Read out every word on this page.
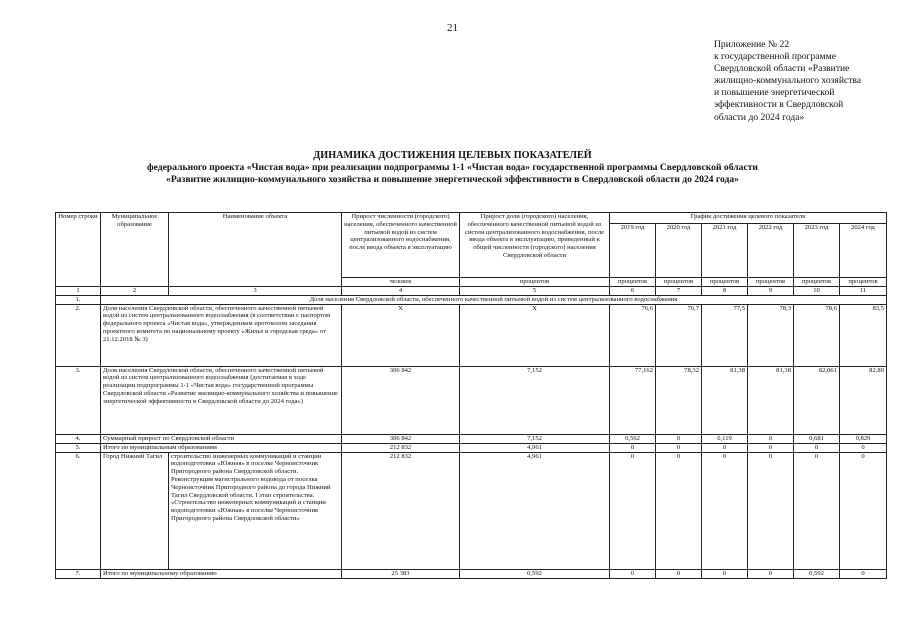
21
Приложение № 22
к государственной программе
Свердловской области «Развитие
жилищно-коммунального хозяйства
и повышение энергетической
эффективности в Свердловской
области до 2024 года»
ДИНАМИКА ДОСТИЖЕНИЯ ЦЕЛЕВЫХ ПОКАЗАТЕЛЕЙ
федерального проекта «Чистая вода» при реализации подпрограммы 1-1 «Чистая вода» государственной программы Свердловской области
«Развитие жилищно-коммунального хозяйства и повышение энергетической эффективности в Свердловской области до 2024 года»
Номер строки	Муниципальное образование	Наименование объекта	Прирост численности (городского) населения, обеспеченного качественной питьевой водой из систем централизованного водоснабжения, после ввода объекта в эксплуатацию	Прирост доли (городского) населения, обеспеченного качественной питьевой водой из систем централизованного водоснабжения, после ввода объекта в эксплуатацию, приведенный к общей численности (городского) населения Свердловской области	График достижения целевого показателя					
					2019 год	2020 год	2021 год	2022 год	2023 год	2024 год
			человек	процентов	процентов	процентов	процентов	процентов	процентов	процентов
1	2	3	4	5	6	7	8	9	10	11
1.	Доля населения Свердловской области, обеспеченного качественной питьевой водой из систем централизованного водоснабжения									
2.	Доля населения Свердловской области, обеспеченного качественной питьевой водой из систем централизованного водоснабжения (в соответствии с паспортом федерального проекта «Чистая вода», утвержденным протоколом заседания проектного комитета по национальному проекту «Жилье и городская среда» от 21.12.2018 № 3)		X	X	76,6	76,7	77,5	78,3	78,6	83,5
3.	Доля населения Свердловской области, обеспеченного качественной питьевой водой из систем централизованного водоснабжения (достигаемая в ходе реализации подпрограммы 1-1 «Чистая вода» государственной программы Свердловской области «Развитие жилищно-коммунального хозяйства и повышение энергетической эффективности в Свердловской области до 2024 года»)		306 842	7,152	77,162	78,32	81,38	81,38	82,061	82,89
4.	Суммарный прирост по Свердловской области		306 842	7,152	0,562	0	0,119	0	0,681	0,829
5.	Итого по муниципальным образованиям		212 832	4,961	0	0	0	0	0	0
6.	Город Нижний Тагил	строительство инженерных коммуникаций и станции водоподготовки «Южная» в поселке Черноисточник Пригородного района Свердловской области. Реконструкция магистрального водовода от поселка Черноисточник Пригородного района до города Нижний Тагил Свердловской области. I этап строительства. «Строительство инженерных коммуникаций и станции водоподготовки «Южная» в поселке Черноисточник Пригородного района Свердловской области»	212 832	4,961	0	0	0	0	0	0
7.	Итого по муниципальному образованию		25 383	0,592	0	0	0	0	0,592	0
